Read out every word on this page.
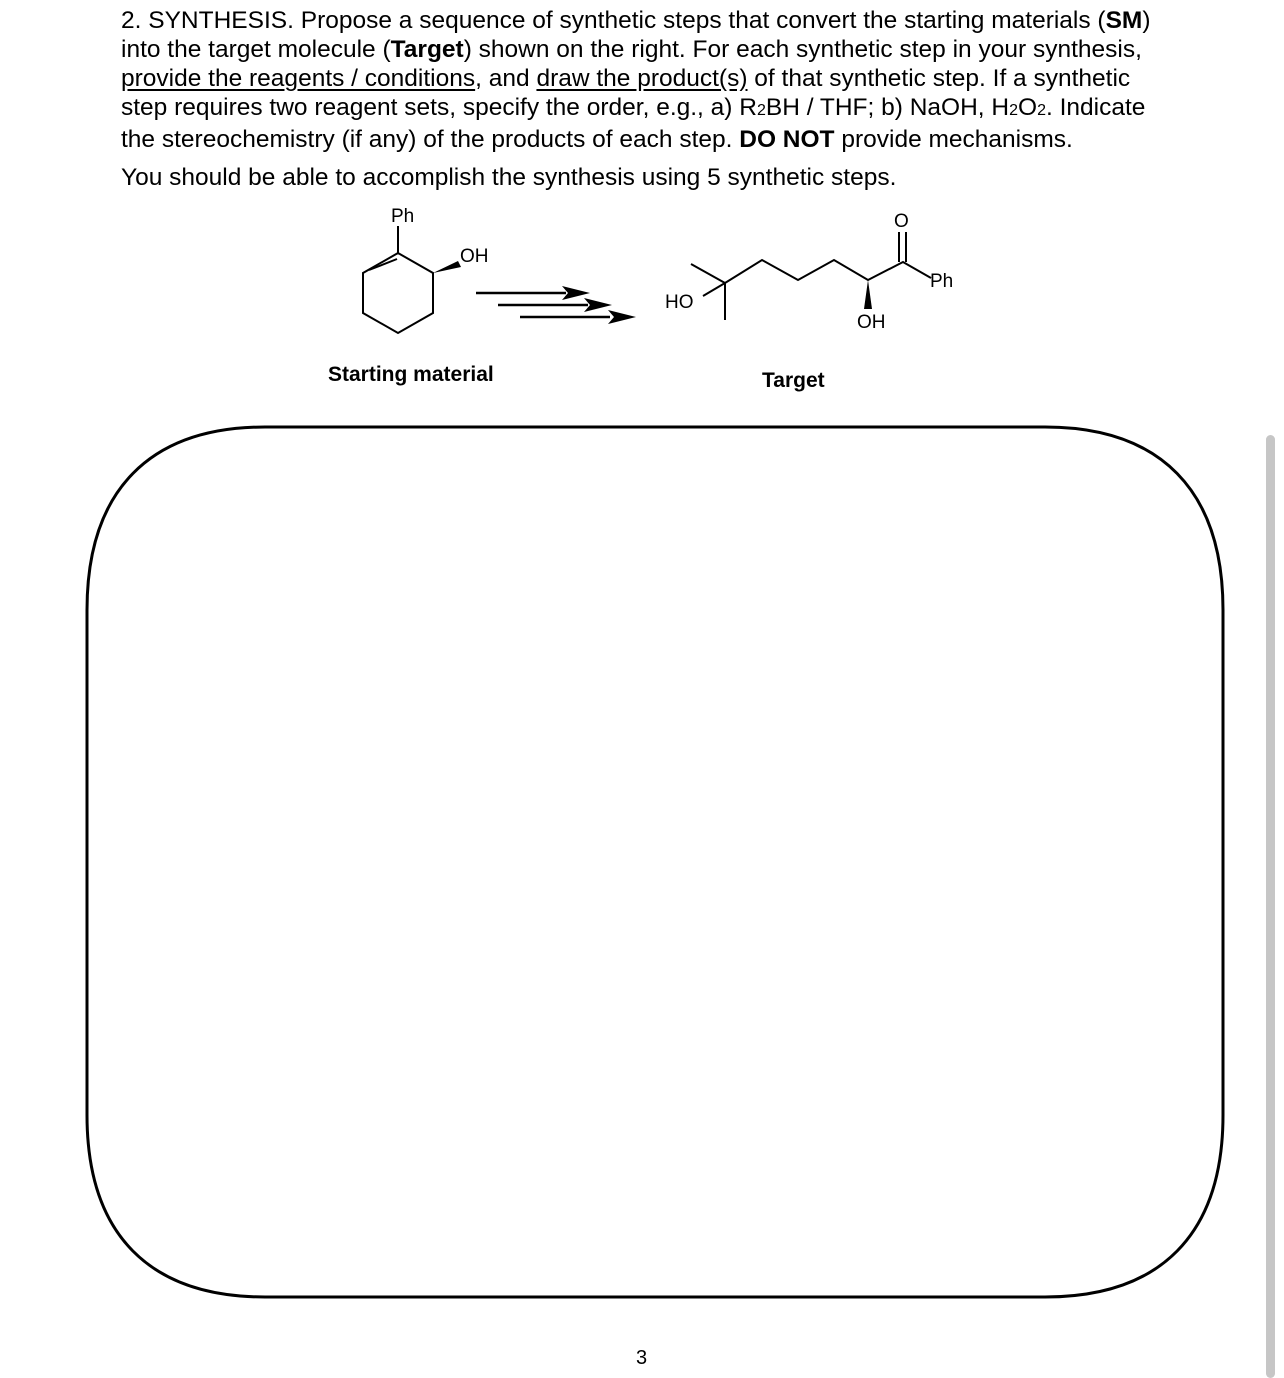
2. SYNTHESIS. Propose a sequence of synthetic steps that convert the starting materials (SM) into the target molecule (Target) shown on the right. For each synthetic step in your synthesis, provide the reagents / conditions, and draw the product(s) of that synthetic step. If a synthetic step requires two reagent sets, specify the order, e.g., a) R2BH / THF; b) NaOH, H2O2. Indicate the stereochemistry (if any) of the products of each step. DO NOT provide mechanisms.

You should be able to accomplish the synthesis using 5 synthetic steps.
Ph
OH
HO
O
Ph
OH
Starting material	Target
3
